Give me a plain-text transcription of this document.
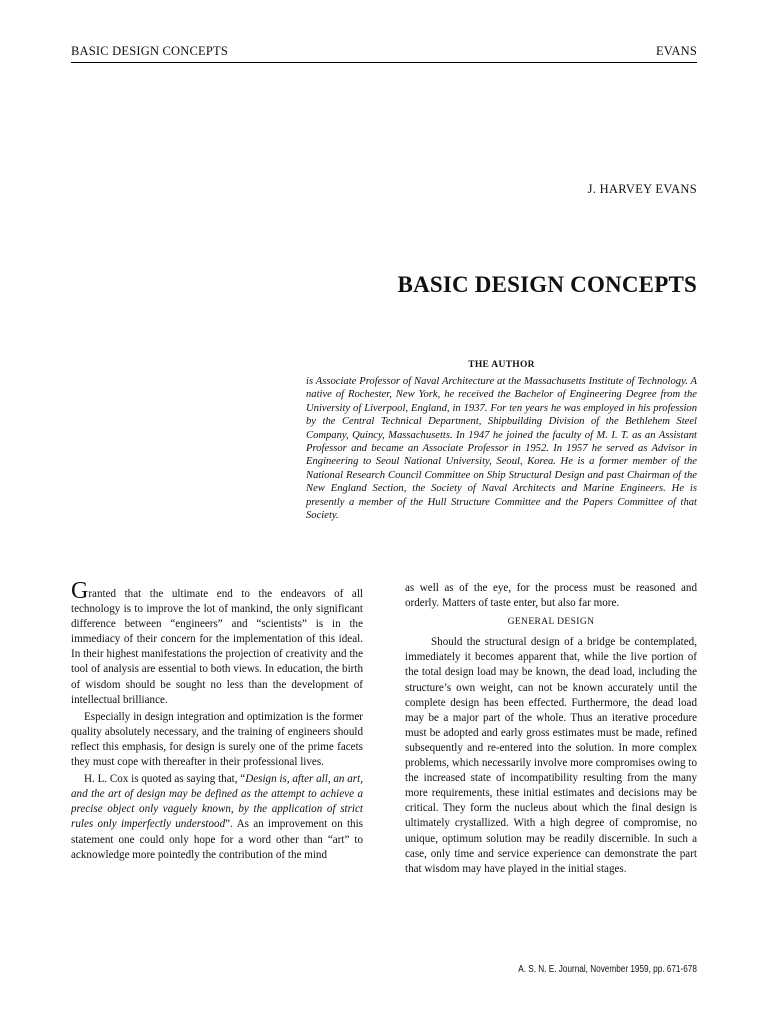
BASIC DESIGN CONCEPTS	EVANS
J. HARVEY EVANS
BASIC DESIGN CONCEPTS
THE AUTHOR

is Associate Professor of Naval Architecture at the Massachusetts Institute of Technology. A native of Rochester, New York, he received the Bachelor of Engineering Degree from the University of Liverpool, England, in 1937. For ten years he was employed in his profession by the Central Technical Department, Shipbuilding Division of the Bethlehem Steel Company, Quincy, Massachusetts. In 1947 he joined the faculty of M. I. T. as an Assistant Professor and became an Associate Professor in 1952. In 1957 he served as Advisor in Engineering to Seoul National University, Seoul, Korea. He is a former member of the National Research Council Committee on Ship Structural Design and past Chairman of the New England Section, the Society of Naval Architects and Marine Engineers. He is presently a member of the Hull Structure Committee and the Papers Committee of that Society.

Granted that the ultimate end to the endeavors of all technology is to improve the lot of mankind, the only significant difference between “engineers” and “scientists” is in the immediacy of their concern for the implementation of this ideal. In their highest manifestations the projection of creativity and the tool of analysis are essential to both views. In education, the birth of wisdom should be sought no less than the development of intellectual brilliance.

Especially in design integration and optimization is the former quality absolutely necessary, and the training of engineers should reflect this emphasis, for design is surely one of the prime facets they must cope with thereafter in their professional lives.

H. L. Cox is quoted as saying that, “Design is, after all, an art, and the art of design may be defined as the attempt to achieve a precise object only vaguely known, by the application of strict rules only imperfectly understood”. As an improvement on this statement one could only hope for a word other than “art” to acknowledge more pointedly the contribution of the mind

as well as of the eye, for the process must be reasoned and orderly. Matters of taste enter, but also far more.

GENERAL DESIGN

Should the structural design of a bridge be contemplated, immediately it becomes apparent that, while the live portion of the total design load may be known, the dead load, including the structure’s own weight, can not be known accurately until the complete design has been effected. Furthermore, the dead load may be a major part of the whole. Thus an iterative procedure must be adopted and early gross estimates must be made, refined subsequently and re-entered into the solution. In more complex problems, which necessarily involve more compromises owing to the increased state of incompatibility resulting from the many more requirements, these initial estimates and decisions may be critical. They form the nucleus about which the final design is ultimately crystallized. With a high degree of compromise, no unique, optimum solution may be readily discernible. In such a case, only time and service experience can demonstrate the part that wisdom may have played in the initial stages.

A. S. N. E. Journal, November 1959, pp. 671-678
